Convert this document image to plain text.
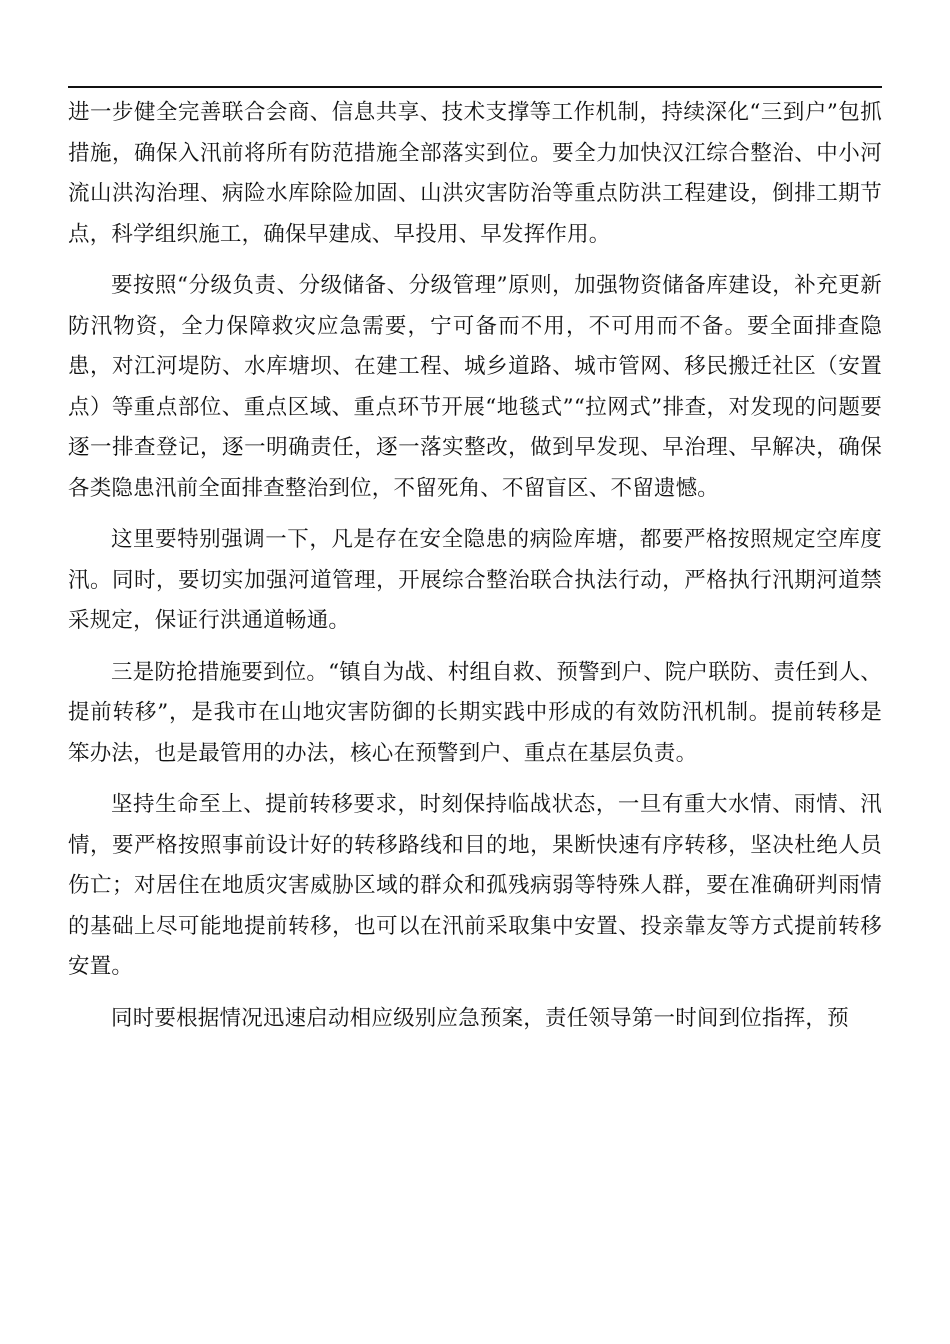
进一步健全完善联合会商、信息共享、技术支撑等工作机制，持续深化“三到户”包抓措施，确保入汛前将所有防范措施全部落实到位。要全力加快汉江综合整治、中小河流山洪沟治理、病险水库除险加固、山洪灾害防治等重点防洪工程建设，倒排工期节点，科学组织施工，确保早建成、早投用、早发挥作用。

要按照“分级负责、分级储备、分级管理”原则，加强物资储备库建设，补充更新防汛物资，全力保障救灾应急需要，宁可备而不用，不可用而不备。要全面排查隐患，对江河堤防、水库塘坝、在建工程、城乡道路、城市管网、移民搬迁社区（安置点）等重点部位、重点区域、重点环节开展“地毯式”“拉网式”排查，对发现的问题要逐一排查登记，逐一明确责任，逐一落实整改，做到早发现、早治理、早解决，确保各类隐患汛前全面排查整治到位，不留死角、不留盲区、不留遗憾。

这里要特别强调一下，凡是存在安全隐患的病险库塘，都要严格按照规定空库度汛。同时，要切实加强河道管理，开展综合整治联合执法行动，严格执行汛期河道禁采规定，保证行洪通道畅通。

三是防抢措施要到位。“镇自为战、村组自救、预警到户、院户联防、责任到人、提前转移”，是我市在山地灾害防御的长期实践中形成的有效防汛机制。提前转移是笨办法，也是最管用的办法，核心在预警到户、重点在基层负责。

坚持生命至上、提前转移要求，时刻保持临战状态，一旦有重大水情、雨情、汛情，要严格按照事前设计好的转移路线和目的地，果断快速有序转移，坚决杜绝人员伤亡；对居住在地质灾害威胁区域的群众和孤残病弱等特殊人群，要在准确研判雨情的基础上尽可能地提前转移，也可以在汛前采取集中安置、投亲靠友等方式提前转移安置。

同时要根据情况迅速启动相应级别应急预案，责任领导第一时间到位指挥，预
